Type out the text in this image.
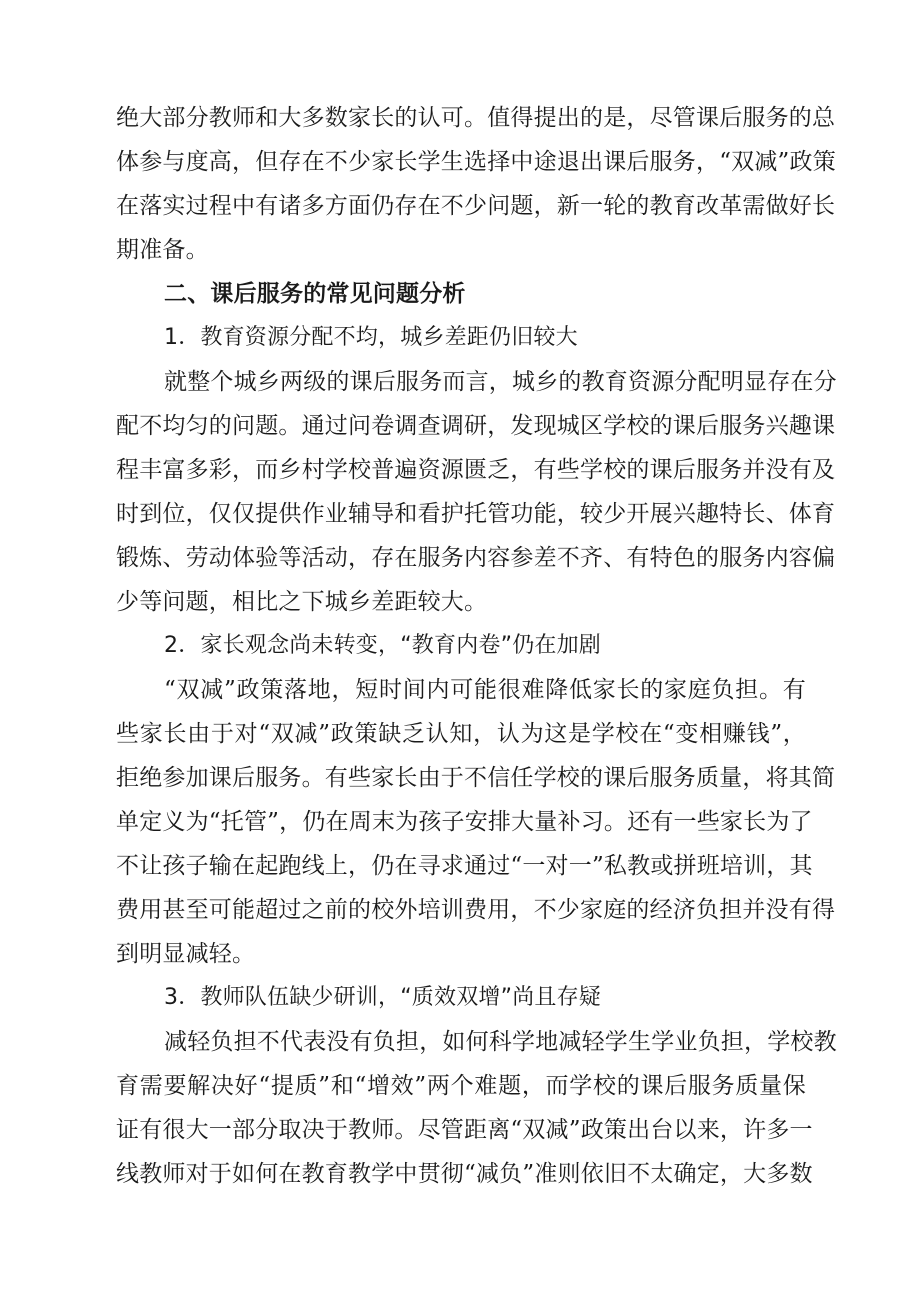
绝大部分教师和大多数家长的认可。值得提出的是，尽管课后服务的总
体参与度高，但存在不少家长学生选择中途退出课后服务，“双减”政策
在落实过程中有诸多方面仍存在不少问题，新一轮的教育改革需做好长
期准备。
二、课后服务的常见问题分析
1．教育资源分配不均，城乡差距仍旧较大
就整个城乡两级的课后服务而言，城乡的教育资源分配明显存在分
配不均匀的问题。通过问卷调查调研，发现城区学校的课后服务兴趣课
程丰富多彩，而乡村学校普遍资源匮乏，有些学校的课后服务并没有及
时到位，仅仅提供作业辅导和看护托管功能，较少开展兴趣特长、体育
锻炼、劳动体验等活动，存在服务内容参差不齐、有特色的服务内容偏
少等问题，相比之下城乡差距较大。
2．家长观念尚未转变，“教育内卷”仍在加剧
“双减”政策落地，短时间内可能很难降低家长的家庭负担。有
些家长由于对“双减”政策缺乏认知，认为这是学校在“变相赚钱”，
拒绝参加课后服务。有些家长由于不信任学校的课后服务质量，将其简
单定义为“托管”，仍在周末为孩子安排大量补习。还有一些家长为了
不让孩子输在起跑线上，仍在寻求通过“一对一”私教或拼班培训，其
费用甚至可能超过之前的校外培训费用，不少家庭的经济负担并没有得
到明显减轻。
3．教师队伍缺少研训，“质效双增”尚且存疑
减轻负担不代表没有负担，如何科学地减轻学生学业负担，学校教
育需要解决好“提质”和“增效”两个难题，而学校的课后服务质量保
证有很大一部分取决于教师。尽管距离“双减”政策出台以来，许多一
线教师对于如何在教育教学中贯彻“减负”准则依旧不太确定，大多数
